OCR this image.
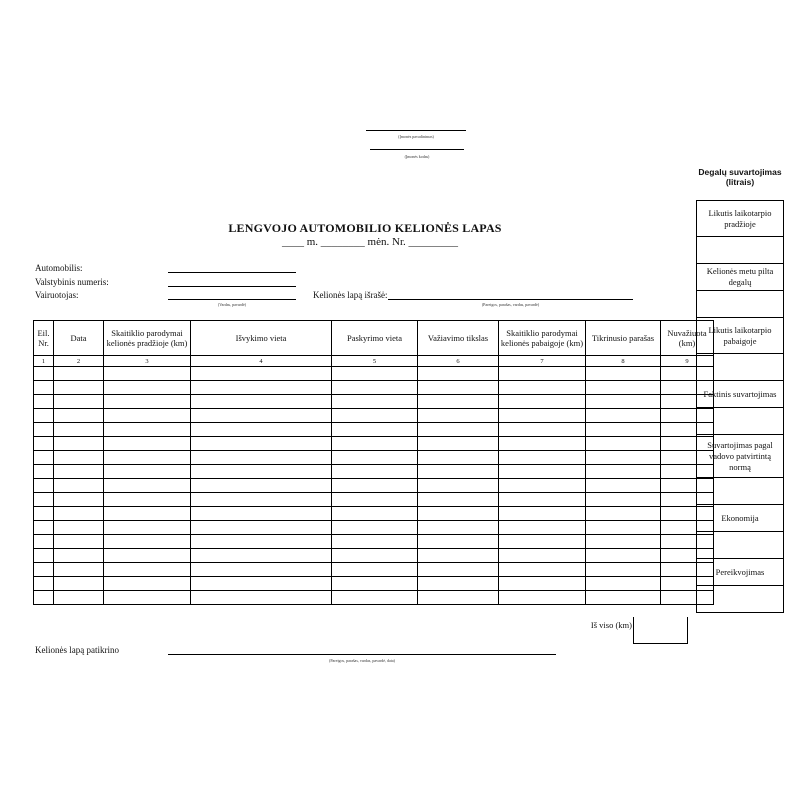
(Įmonės pavadinimas)
(Įmonės kodas)
LENGVOJO AUTOMOBILIO KELIONĖS LAPAS
____ m. ________ mėn. Nr. _________
Automobilis:
Valstybinis numeris:
Vairuotojas:
(Vardas, pavardė)
Kelionės lapą išrašė:
(Pareigos, parašas, vardas, pavardė)
Eil. Nr.	Data	Skaitiklio parodymai kelionės pradžioje (km)	Išvykimo vieta	Paskyrimo vieta	Važiavimo tikslas	Skaitiklio parodymai kelionės pabaigoje (km)	Tikrinusio parašas	Nuvažiuota (km)
1	2	3	4	5	6	7	8	9

Iš viso (km)
Kelionės lapą patikrino
(Pareigos, parašas, vardas, pavardė, data)
Degalų suvartojimas (litrais)
Likutis laikotarpio pradžioje

Kelionės metu pilta degalų

Likutis laikotarpio pabaigoje

Faktinis suvartojimas

Suvartojimas pagal vadovo patvirtintą normą

Ekonomija

Pereikvojimas
